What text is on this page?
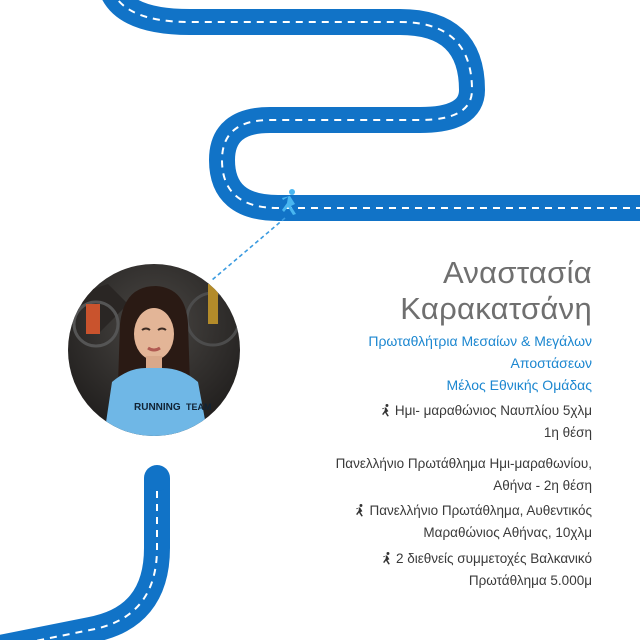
RUNNING TEAM
Αναστασία
Καρακατσάνη
Πρωταθλήτρια Μεσαίων & Μεγάλων
Αποστάσεων
Μέλος Εθνικής Ομάδας
Ημι- μαραθώνιος Ναυπλίου 5χλμ
1η θέση
Πανελλήνιο Πρωτάθλημα Ημι-μαραθωνίου,
Αθήνα - 2η θέση
Πανελλήνιο Πρωτάθλημα, Αυθεντικός
Μαραθώνιος Αθήνας, 10χλμ
2 διεθνείς συμμετοχές Βαλκανικό
Πρωτάθλημα 5.000μ
